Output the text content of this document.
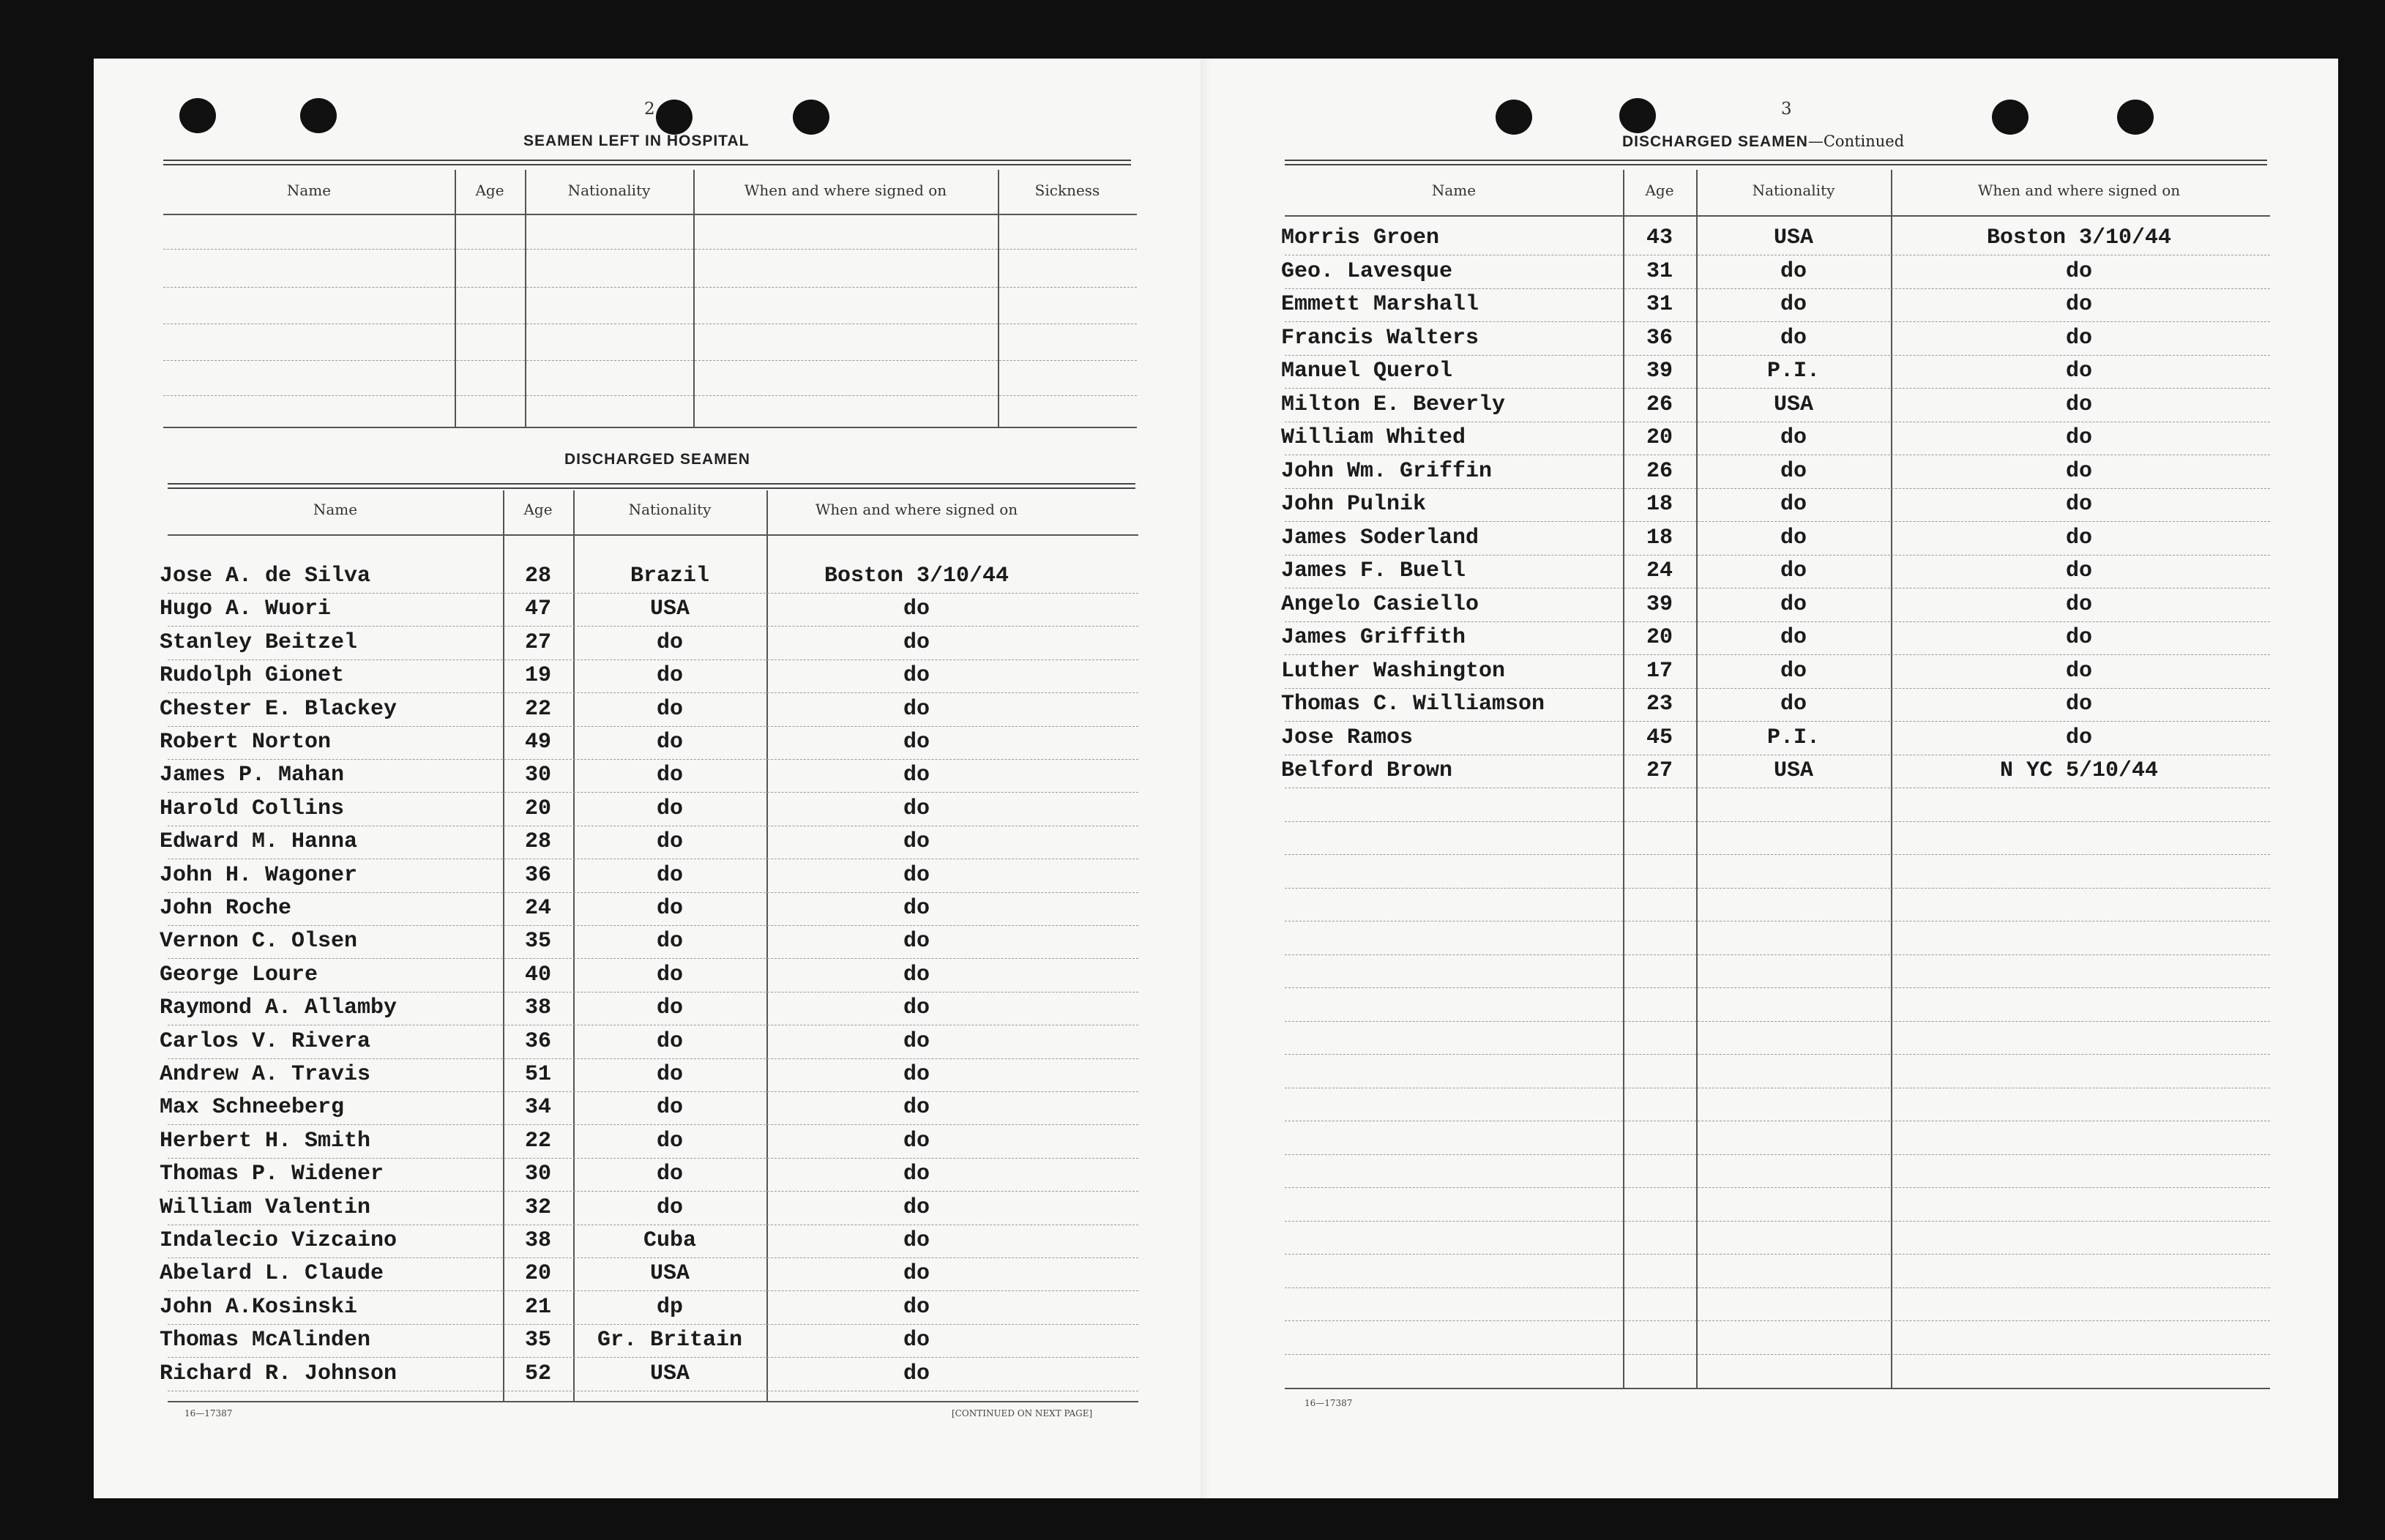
2
SEAMEN LEFT IN HOSPITAL
Name	Age	Nationality	When and where signed on	Sickness
DISCHARGED SEAMEN
Name	Age	Nationality	When and where signed on
Jose A. de Silva	28	Brazil	Boston 3/10/44
Hugo A. Wuori	47	USA	do
Stanley Beitzel	27	do	do
Rudolph Gionet	19	do	do
Chester E. Blackey	22	do	do
Robert Norton	49	do	do
James P. Mahan	30	do	do
Harold Collins	20	do	do
Edward M. Hanna	28	do	do
John H. Wagoner	36	do	do
John Roche	24	do	do
Vernon C. Olsen	35	do	do
George Loure	40	do	do
Raymond A. Allamby	38	do	do
Carlos V. Rivera	36	do	do
Andrew A. Travis	51	do	do
Max Schneeberg	34	do	do
Herbert H. Smith	22	do	do
Thomas P. Widener	30	do	do
William Valentin	32	do	do
Indalecio Vizcaino	38	Cuba	do
Abelard L. Claude	20	USA	do
John A.Kosinski	21	dp	do
Thomas McAlinden	35	Gr. Britain	do
Richard R. Johnson	52	USA	do
16—17387	[CONTINUED ON NEXT PAGE]
3
DISCHARGED SEAMEN—Continued
Name	Age	Nationality	When and where signed on
Morris Groen	43	USA	Boston 3/10/44
Geo. Lavesque	31	do	do
Emmett Marshall	31	do	do
Francis Walters	36	do	do
Manuel Querol	39	P.I.	do
Milton E. Beverly	26	USA	do
William Whited	20	do	do
John Wm. Griffin	26	do	do
John Pulnik	18	do	do
James Soderland	18	do	do
James F. Buell	24	do	do
Angelo Casiello	39	do	do
James Griffith	20	do	do
Luther Washington	17	do	do
Thomas C. Williamson	23	do	do
Jose Ramos	45	P.I.	do
Belford Brown	27	USA	N YC 5/10/44
16—17387
